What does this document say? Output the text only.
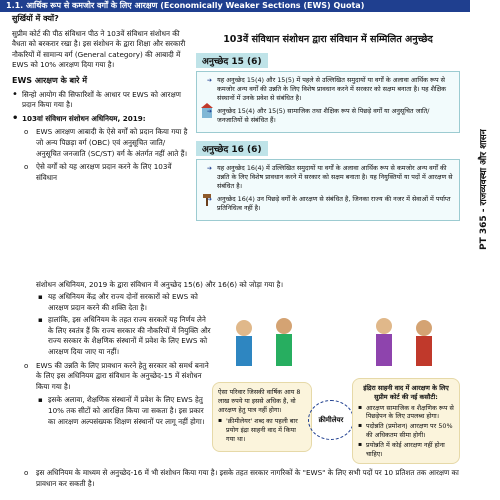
1.1. आर्थिक रूप से कमजोर वर्गों के लिए आरक्षण (Economically Weaker Sections (EWS) Quota)
सुर्खियों में क्यों?

सुप्रीम कोर्ट की पीठ संविधान पीठ ने 103वें संविधान संशोधन की वैधता को बरकरार रखा है। इस संशोधन के द्वारा शिक्षा और सरकारी नौकरियों में सामान्य वर्ग (General category) की आबादी में EWS को 10% आरक्षण दिया गया है।

EWS आरक्षण के बारे में
• सिन्हो आयोग की सिफारिशों के आधार पर EWS को आरक्षण प्रदान किया गया है।
• 103वां संविधान संशोधन अधिनियम, 2019:
o EWS आरक्षण आबादी के ऐसे वर्गों को प्रदान किया गया है जो अन्य पिछड़ा वर्ग (OBC) एवं अनुसूचित जाति/ अनुसूचित जनजाति (SC/ST) वर्ग के अंतर्गत नहीं आते हैं।
o ऐसे वर्गों को यह आरक्षण प्रदान करने के लिए 103वें संविधान
103वें संविधान संशोधन द्वारा संविधान में सम्मिलित अनुच्छेद
अनुच्छेद 15 (6)
➔ यह अनुच्छेद 15(4) और 15(5) में पहले से उल्लिखित समुदायों या वर्गों के अलावा आर्थिक रूप से कमजोर अन्य वर्गों की उन्नति के लिए विशेष प्रावधान करने में सरकार को सक्षम बनाता है। यह शैक्षिक संस्थानों में उनके प्रवेश से संबंधित है।
➔ अनुच्छेद 15(4) और 15(5) सामाजिक तथा शैक्षिक रूप से पिछड़े वर्गों या अनुसूचित जाति/ जनजातियों से संबंधित हैं।
अनुच्छेद 16 (6)
➔ यह अनुच्छेद 16(4) में उल्लिखित समुदायों या वर्गों के अलावा आर्थिक रूप से कमजोर अन्य वर्गों की उन्नति के लिए विशेष प्रावधान करने में सरकार को सक्षम बनाता है। यह नियुक्तियों या पदों में आरक्षण से संबंधित है।
➔ अनुच्छेद 16(4) उन पिछड़े वर्गों के आरक्षण से संबंधित है, जिनका राज्य की नजर में सेवाओं में पर्याप्त प्रतिनिधित्व नहीं है।
संशोधन अधिनियम, 2019 के द्वारा संविधान में अनुच्छेद 15(6) और 16(6) को जोड़ा गया है।
▪ यह अधिनियम केंद्र और राज्य दोनों सरकारों को EWS को आरक्षण प्रदान करने की शक्ति देता है।
▪ हालांकि, इस अधिनियम के तहत राज्य सरकारें यह निर्णय लेने के लिए स्वतंत्र हैं कि राज्य सरकार की नौकरियों में नियुक्ति और राज्य सरकार के शैक्षणिक संस्थानों में प्रवेश के लिए EWS को आरक्षण दिया जाए या नहीं।
o EWS की उन्नति के लिए प्रावधान करने हेतु सरकार को समर्थ बनाने के लिए इस अधिनियम द्वारा संविधान के अनुच्छेद-15 में संशोधन किया गया है।
▪ इसके अलावा, शैक्षणिक संस्थानों में प्रवेश के लिए EWS हेतु 10% तक सीटों को आरक्षित किया जा सकता है। इस प्रकार का आरक्षण अल्पसंख्यक शिक्षण संस्थानों पर लागू नहीं होगा।
o इस अधिनियम के माध्यम से अनुच्छेद-16 में भी संशोधन किया गया है। इसके तहत सरकार नागरिकों के "EWS" के लिए सभी पदों पर 10 प्रतिशत तक आरक्षण का प्रावधान कर सकती है।
ऐसा परिवार जिसकी वार्षिक आय 8 लाख रुपये या इससे अधिक है, वो आरक्षण हेतु पात्र नहीं होगा।
▪ 'क्रीमीलेयर' शब्द का पहली बार प्रयोग इंद्रा साहनी वाद में किया गया था।
क्रीमीलेयर
इंद्रिरा साहनी वाद में आरक्षण के लिए सुप्रीम कोर्ट की नई कसौटी:
▪ आरक्षण सामाजिक व शैक्षणिक रूप से पिछड़ेपन के लिए उपलब्ध होगा।
▪ पदोन्नति (प्रमोशन) आरक्षण पर 50% की अधिकतम सीमा होगी।
▪ प्रयोन्नति में कोई आरक्षण नहीं होना चाहिए।
PT 365 - राजव्यवस्था और शासन
